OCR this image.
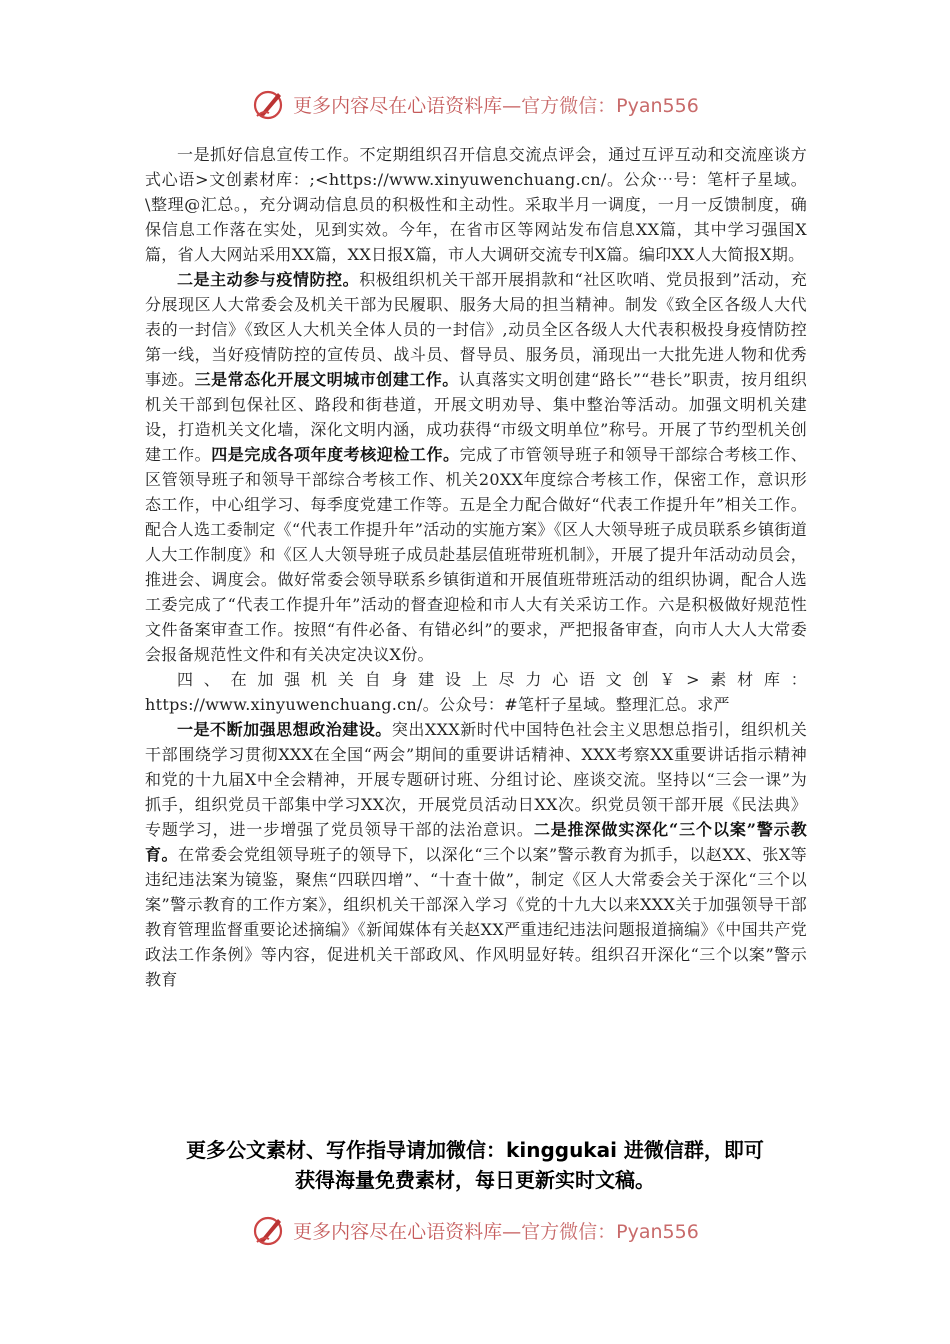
更多内容尽在心语资料库— 官方微信：Pyan556

一是抓好信息宣传工作。不定期组织召开信息交流点评会，通过互评互动和交流座谈方式心语>文创素材库：;<https://www.xinyuwenchuang.cn/。公众⋯号：笔杆子星域。\整理@汇总。，充分调动信息员的积极性和主动性。采取半月一调度，一月一反馈制度，确保信息工作落在实处，见到实效。今年，在省市区等网站发布信息XX篇，其中学习强国X篇，省人大网站采用XX篇，XX日报X篇，市人大调研交流专刊X篇。编印XX人大简报X期。

二是主动参与疫情防控。积极组织机关干部开展捐款和“社区吹哨、党员报到”活动，充分展现区人大常委会及机关干部为民履职、服务大局的担当精神。制发《致全区各级人大代表的一封信》《致区人大机关全体人员的一封信》,动员全区各级人大代表积极投身疫情防控第一线，当好疫情防控的宣传员、战斗员、督导员、服务员，涌现出一大批先进人物和优秀事迹。三是常态化开展文明城市创建工作。认真落实文明创建“路长”“巷长”职责，按月组织机关干部到包保社区、路段和街巷道，开展文明劝导、集中整治等活动。加强文明机关建设，打造机关文化墙，深化文明内涵，成功获得“市级文明单位”称号。开展了节约型机关创建工作。四是完成各项年度考核迎检工作。完成了市管领导班子和领导干部综合考核工作、区管领导班子和领导干部综合考核工作、机关20XX年度综合考核工作，保密工作，意识形态工作，中心组学习、每季度党建工作等。五是全力配合做好“代表工作提升年”相关工作。配合人选工委制定《“代表工作提升年”活动的实施方案》《区人大领导班子成员联系乡镇街道人大工作制度》和《区人大领导班子成员赴基层值班带班机制》，开展了提升年活动动员会，推进会、调度会。做好常委会领导联系乡镇街道和开展值班带班活动的组织协调，配合人选工委完成了“代表工作提升年”活动的督查迎检和市人大有关采访工作。六是积极做好规范性文件备案审查工作。按照“有件必备、有错必纠”的要求，严把报备审查，向市人大人大常委会报备规范性文件和有关决定决议X份。

四、在加强机关自身建设上尽力心语文创￥>素材库：https://www.xinyuwenchuang.cn/。公众号：#笔杆子星域。整理汇总。求严

一是不断加强思想政治建设。突出XXX新时代中国特色社会主义思想总指引，组织机关干部围绕学习贯彻XXX在全国“两会”期间的重要讲话精神、XXX考察XX重要讲话指示精神和党的十九届X中全会精神，开展专题研讨班、分组讨论、座谈交流。坚持以“三会一课”为抓手，组织党员干部集中学习XX次，开展党员活动日XX次。织党员领干部开展《民法典》专题学习，进一步增强了党员领导干部的法治意识。二是推深做实深化“三个以案”警示教育。在常委会党组领导班子的领导下，以深化“三个以案”警示教育为抓手，以赵XX、张X等违纪违法案为镜鉴，聚焦“四联四增”、“十查十做”，制定《区人大常委会关于深化“三个以案”警示教育的工作方案》，组织机关干部深入学习《党的十九大以来XXX关于加强领导干部教育管理监督重要论述摘编》《新闻媒体有关赵XX严重违纪违法问题报道摘编》《中国共产党政法工作条例》等内容，促进机关干部政风、作风明显好转。组织召开深化“三个以案”警示教育

更多公文素材、写作指导请加微信：kinggukai 进微信群，即可
获得海量免费素材，每日更新实时文稿。
更多内容尽在心语资料库— 官方微信：Pyan556
